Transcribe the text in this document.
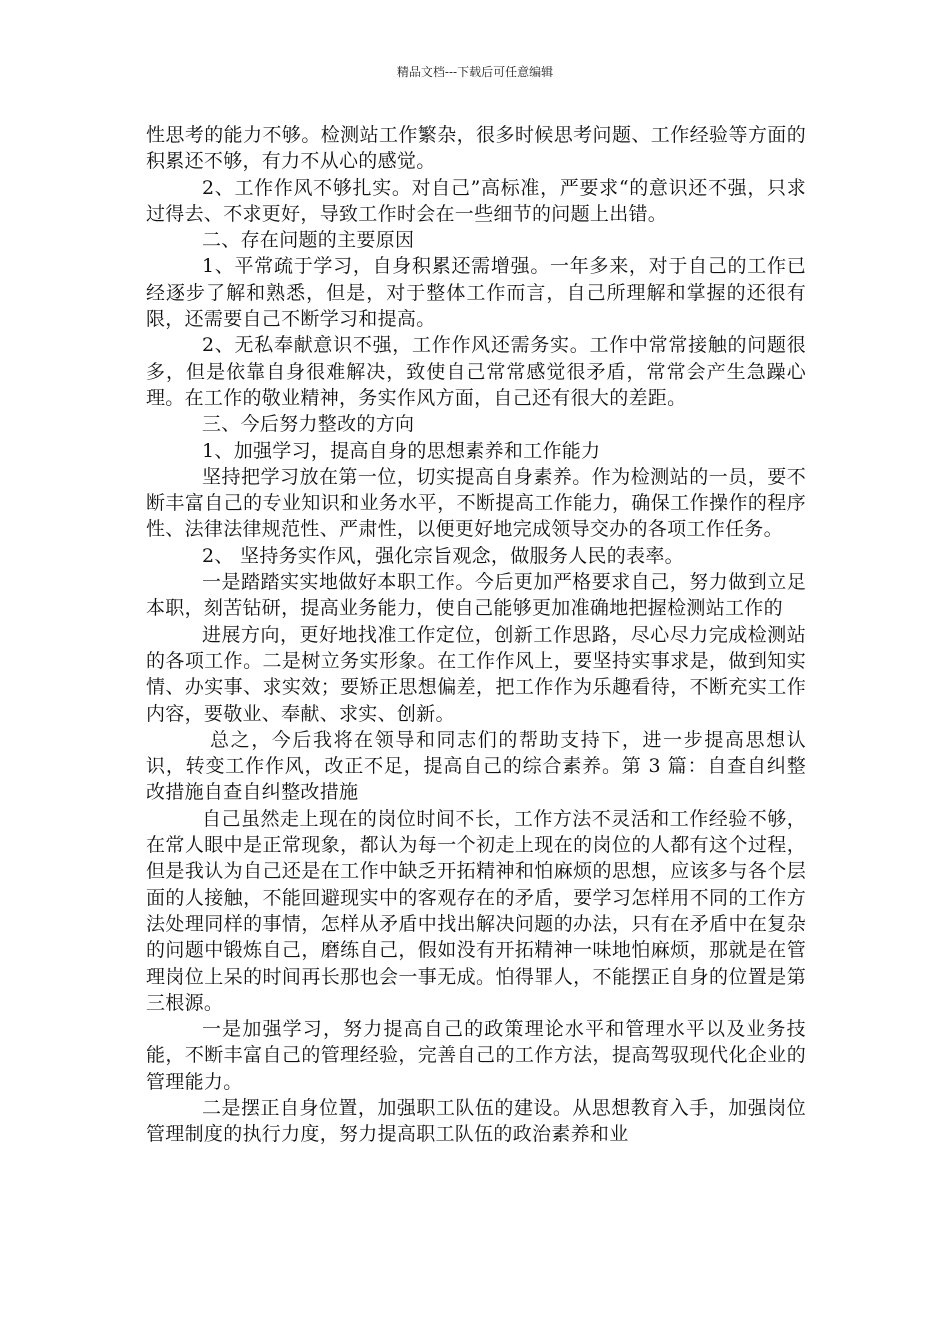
精品文档---下载后可任意编辑

性思考的能力不够。检测站工作繁杂，很多时候思考问题、工作经验等方面的积累还不够，有力不从心的感觉。

2、工作作风不够扎实。对自己”高标准，严要求“的意识还不强，只求过得去、不求更好，导致工作时会在一些细节的问题上出错。

二、存在问题的主要原因

1、平常疏于学习，自身积累还需增强。一年多来，对于自己的工作已经逐步了解和熟悉，但是，对于整体工作而言，自己所理解和掌握的还很有限，还需要自己不断学习和提高。

2、无私奉献意识不强，工作作风还需务实。工作中常常接触的问题很多，但是依靠自身很难解决，致使自己常常感觉很矛盾，常常会产生急躁心理。在工作的敬业精神，务实作风方面，自己还有很大的差距。

三、今后努力整改的方向

1、加强学习，提高自身的思想素养和工作能力

坚持把学习放在第一位，切实提高自身素养。作为检测站的一员，要不断丰富自己的专业知识和业务水平，不断提高工作能力，确保工作操作的程序性、法律法律规范性、严肃性，以便更好地完成领导交办的各项工作任务。

2、 坚持务实作风，强化宗旨观念，做服务人民的表率。

一是踏踏实实地做好本职工作。今后更加严格要求自己，努力做到立足本职，刻苦钻研，提高业务能力，使自己能够更加准确地把握检测站工作的

进展方向，更好地找准工作定位，创新工作思路，尽心尽力完成检测站的各项工作。二是树立务实形象。在工作作风上，要坚持实事求是，做到知实情、办实事、求实效；要矫正思想偏差，把工作作为乐趣看待，不断充实工作内容，要敬业、奉献、求实、创新。

总之，今后我将在领导和同志们的帮助支持下，进一步提高思想认识，转变工作作风，改正不足，提高自己的综合素养。第 3 篇：自查自纠整改措施自查自纠整改措施

自己虽然走上现在的岗位时间不长，工作方法不灵活和工作经验不够，在常人眼中是正常现象，都认为每一个初走上现在的岗位的人都有这个过程，但是我认为自己还是在工作中缺乏开拓精神和怕麻烦的思想，应该多与各个层面的人接触，不能回避现实中的客观存在的矛盾，要学习怎样用不同的工作方法处理同样的事情，怎样从矛盾中找出解决问题的办法，只有在矛盾中在复杂的问题中锻炼自己，磨练自己，假如没有开拓精神一味地怕麻烦，那就是在管理岗位上呆的时间再长那也会一事无成。怕得罪人，不能摆正自身的位置是第三根源。

一是加强学习，努力提高自己的政策理论水平和管理水平以及业务技能，不断丰富自己的管理经验，完善自己的工作方法，提高驾驭现代化企业的管理能力。

二是摆正自身位置，加强职工队伍的建设。从思想教育入手，加强岗位管理制度的执行力度，努力提高职工队伍的政治素养和业
